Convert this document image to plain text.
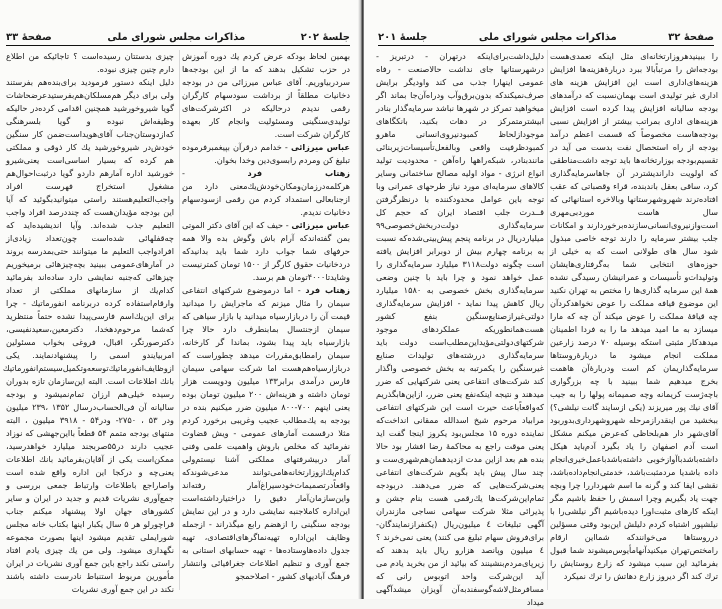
جلسهٔ ۲۰۲
مذاکرات مجلس شورای ملی
صفحهٔ ۳۳

بهمین لحاظ بودکه عرض کردم یك دوره آموزش در حزب تشکیل بدهند که ما از این بودجه‌ها سردربیاوریم. آقای عباس میرزائی من در بودجه دخانیات مطلقاً از برداشت سودسهام کارگران رقمی ندیدم درحالیکه در اکثرشرکت‌های تولیدی‌سنگینی ومسئولیت وانجام کار بعهده کارگران شرکت است.

عباس میرزائی - خدامم درقرآن بپیغمبرفرموده تبلیغ کن ومردم رابسوی‌دین وخدا بخوان.

زهتاب فرد - هرکلمه‌درزمان‌ومکان‌خودش‌یك‌معنی دارد من ازجنابعالی استمداد کردم من رقمی ازسودسهام دخانیات ندیدم.

عباس میرزائی - حیف که این آقای دکتر الموتی بمن گفته‌اندکه آرام باش وگوش بده والا همه حرفهای شما جواب دارد شما باید بدانیدکه دردخانیات حقوق کارگر از ۱۵۰۰ تومان کمترنیست وشایدتا۴۰۰۰تومان هم برسد.

زهتاب فرد - اما درموضوع شرکتهای انتفاعی سیمان را مثال میزنم که ماجرایش را میدانید قیمت آن را دربازارسیاه میدانید یا بازار سیاهی که سیمان ازجنتسال بمابنطرف دارد حالا چرا بازارسیاه باید پیدا بشود، بماندا گر کارخانه، سیمان رامطابق‌مقررات میدهد چطوراست که دربازارسیاه‌هم‌هست اما شرکت سهامی سیمان فارس درآمدی برابر۱۳۳ میلیون ودویست هزار تومان داشته و هزینه‌اش ۲۰۰ میلیون تومان بوده یعنی اینهم ۷۰۰-۸۰۰ میلیون ضرر میکنیم بنده در بودجه به یك‌مطالب عجیب وغریبی برخورد کردم مثلا درقسمت آمارهای عمومی - ویش قضاوت نفرمائید که مخلص باروش واهمیت علمی وفنی آمار دربیشرفتهای مملکتی آشنا نیستم‌ولی کدام‌یك‌ازوزارتخانه‌هامی‌توانند مدعی‌شوندکه واقعاًدرتصمیمات‌خودسیراغ‌آمار رفته‌اند واین‌سازمان‌آمار دقیق را دراختیارداشته‌است این‌اداره کاملاجنبه نمایشی دارد و در این نمایش بودجه سنگینی را ازهضم رابع میگذراند - ازجمله وظایف این‌اداره تهیه‌نماگرهای‌اقتصادی، تهیه جدول داده‌ها‌وستاده‌ها - تهیه حسابهای استانی به جمع آوری و تنظیم اطلاعات جغرافیائی وانتشار فرهنگ آبادیهای کشور - اصلاحمجو

چیزی بدستتان رسیده‌است ؟ تاجائیکه من اطلاع دارم چنین چیزی نبوده.

دلیل اینکه دستور فرمودید برای‌بنده‌هم بفرستند ولی برای دیگر هم‌مسلکان‌هم‌بفرستید‌عرضحاشات گویا شیروخورشید همچنین اقدامی کرده‌در حالیکه وظیفه‌اش نبوده و گویا بلسرهنگی که‌ازدوستان‌جناب آقای‌هویداست‌ضمن کار سنگین خودش‌در شیروخورشید یك کار ذوقی و مملکتی هم کرده که بسیار اساسی‌است یعنی‌شیرو خورشید اداره آمارهم داردو گویا درثبت‌احوال‌هم مشغول استخراج فهرست افراد واجب‌التعلیم‌هستند راستی میتوانیدبگوئید که آیا این بودجه مؤیدان‌هست که چنددرصد افراد واجب التعلیم جذب شده‌اند. وآیا اندیشیده‌اید که چه‌قفلهائی شده‌است چون‌تعداد زیادی‌از افرادواجب التعلیم ما میتوانند حتی‌بمدرسه بروند در آمارهای‌عمومی ببینید بچه‌چیزهائی برمیخوریم چیزهائی که‌جنبه نمایشی دارد ساده‌اند بفرمائید کدام‌یك از سازمانهای مملکتی از تعداد وارقام‌استفاده کرده دربرنامه انفورماتیك - چرا برای این‌یك‌اسم فارسی‌پیدا نشده حتماً منتظرید که‌شما مرحوم‌دهخدا، دکترمعین،سعیدنفیسی، دکترصورتگر، اقبال، فروغی بخواب مسئولین امربیایندو اسمی را پیشنهادنمایند. یکی ازوظایف‌انفورماتیك‌توسعه‌وتکمیل‌سیستم‌انفورماتیك بانك اطلاعات است. البته این‌سازمان تازه بدوران رسیده خیلی‌هم ارزان تمام‌نمیشود و بودجه سالیانه آن فی‌الحساب‌درسال ۱۳۵۲ ،۲۳۹ میلیون ودر ۵۳ ، ۲۷۵۰- ودر۵۴ - ۳۹۱۸ میلیون ، البته منتهای بودجه متمم ۵۴ قطعاً بااین‌جهشی که نوزاد عجیب دارند در۵۵صربجند میلیارد خواهدرسید، ممکن‌است یکی از آقایان‌بفرمائید بانك اطلاعات یعنی‌چه و درکجا این اداره واقع شده است واصاراجع باطلاعات وارتباط جمعی بررسی و جمع‌آوری نشریات قدیم و جدید در ایران و سایر کشورهای جهان اولا پیشنهاد میکنم جناب قراچورلو هر ۵ سال یکبار اینها بکتاب خانه مجلس شورایملی تقدیم میشود اینها بصورت مجموعه نگهداری میشود. ولی من یك چیزی یادم افتاد راستی نکند راجع باین جمع آوری نشریات در ایران مأمورین مربوط استنباط نادرست داشته باشند نکند در این جمع آوری نشریات

صفحهٔ ۳۲
مذاکرات مجلس شورای ملی
جلسهٔ ۲۰۱

را ببینیدهروزارتخانه‌ای مثل اینکه تعمدی‌هست بودجه‌اش را مرتباًبالا ببرد دربارهٔ‌هزینه‌ها افزایش هزینه‌های‌اداری است این افزایش هزینه های اداری غیر تولیدی است بهمان‌نسبت که درآمدهای بودجه سالیانه افزایش پیدا کرده است افزایش هزینه‌های اداری بمراتب بیشتر از افزایش نسبی بودجه‌هاست مخصوصاً که قسمت اعظم درآمد بودجه از راه استحصال نفت بدست می آید در تقسیم‌بودجه بوزارتخانه‌ها باید توجه داشت‌مناطقی که اولویت داراندیشتردر آن جاهاسرمایه‌گذاری کرد، ساقی بعقل باندبنده، قراء وقصباتی که عقب افتاده‌ترند شهروشهرستانها وبالاخره استانهائی که سال هاست موردبی‌مهری است‌وازنیروی‌انسانی‌سازنده‌برخوردارند و امکانات جلب بیشتر سرمایه را دارند توجه خاصی مبذول شود سال های طولانی است که به خیلی از حوزه‌های انتخابی شما به‌گرفتاری‌هایشان وتولیدات‌و تأسیسات و عمرانیشان رسیدگی نشده همهٔ این سرمایه گذاری‌ها را مختص به تهران نکنید این موضوع قیافه مملکت را عوض نخواهدکردآن چه قیافهٔ مملکت را عوض میکند آن چه که مارا میسازد به ما امید میدهد ما را به فردا اطمینان میدهدکار مثبتی استکه بوسیله ۷۰ درصد زارعین مملکت انجام میشود ما دربارهٔ‌روستاها سرمایه‌گذاریمان کم است ودربارهٔ‌آن هاهمت بخرج میدهیم شما ببینید با چه بزرگواری باچه‌ژست کریمانه وچه صمیمانه پولها را به جیب آقای نیك پور میریزند (یکی ازسایند گانت نیلشی؟) ببخشید من اینقدر‌ازمرحله شهروشهرداری‌بدوربود آقای‌شهر دار هم‌بلحاظی که‌عرض میکنم مشکل است آدم اصفهان را یاد بگیرد آدم‌باید هیکل داشته‌باشدباآوازخوبی داشته‌باشدباعمل‌خیری‌انجام داده باشدیا مرد‌مثبت‌باشد، خدمتی‌انجام‌داده‌باشد، نقشی ایفا کند و گرنه ما اسم شهرداررا چرا وبچه جهت یاد بگیریم وچرا اسمش را حفظ باشیم مگر اینکه کارهای مثبت‌اورا دیده‌باشیم اگر نیلشی‌را با نیلشپور اشتباه کردم دلیلش این‌بود وقتی مسؤلین درروستاها می‌خوانندکه شمااین ارقام رامختص‌تهران میکنید‌آنها‌مأیوس‌میشوند شما قبول بفرمائید این سبب میشود که زارع روستایش را ترك کند اگر دیروز زارع دهاتش را ترك نمیکرد

دلیل‌داشت‌برای‌اینکه درتهران - درتبریز - درشهرستانها جای نداشت حالاصنعت - رفاه عمومی اینهارا جذب می کند واودیگر برایش صرف‌نمیکندکه بدون‌برق‌وآب ودراه‌آن‌جا بماند اگر میخواهید تمرکز در شهرها نباشد سرمایه‌گذار بنادر ابیشترمتمرکز در دهات بکنید، بانکگاهای موجودازلحاظ کمبودنیروی‌انسانی ماهرو کمبود‌ظرفیت واقعی وبالفعل‌تأسیسات‌زیربنائی مانندبنادر، شبکه‌راهها راه‌آهن - محدودیت تولید انواع انرژی - مواد اولیه مصالح ساختمانی وسایر کالاهای سرمایه‌ای مورد نیاز طرحهای عمرانی وبا توجه باین عوامل محدودکننده با درنظرگرفتن قــدرت جلب اقتصاد ایران که حجم کل سرمایه‌گذاری دولت‌دربخش‌خصوصی۹۹ میلیارد‌ریال در برنامه پنجم پیش‌بینی‌شده‌که نسبت به برنامه چهارم بیش از دوبرابر افزایش یافته است چگونه دولت۳۱۱۸ میلیارد سرمایه‌گذاری را عمل خواهد نمود و چرا باید با چنین وضعی سرمایه‌گذاری بخش خصوصی به ۱۵۸۰ میلیارد ریال کاهش پیدا نماید - افزایش سرمایه‌گذاری دولتی‌غیرازصنایع‌سنگین بنفع کشور هست‌همانطوریکه عملکردهای موجود شرکتهای‌دولتی‌مؤیداین‌مطلب‌است دولت باید سرمایه‌گذاری دررشته‌های تولیدات صنایع غیرسنگین را یکمرتبه به بخش خصوصی واگذار کند شرکت‌های انتفاعی یعنی شرکتهایی که ضرر میدهند و نتیجه اینکه‌نفع یعنی ضرر، ازاین‌هابگذریم که‌واقعاًباعث حیرت است این شرکتهای انتفاعی مرابیاد مرحوم شیخ اسدالله ممقانی انداخت‌که نماینده دوره ۱۵ مجلس‌بود یکروز اینجا گفت اید یعنی موقت راجع به محاکمهٔ رضا افشار بود حالا بنده هم بعد ازاین مدت ازدیدهمان‌هم‌شهری‌ست و چند سال پیش باید بگویم شرکت‌های انتفاعی یعنی‌شرکت‌هایی که ضرر می‌دهند. دربودجه تمام‌این‌شرکت‌ها یك‌رقمی هست بنام جشن و پذیرائی مثلا شرکت سهامی نساجی مازندران آگهی تبلیغات ٤ میلیون‌ریال (یکنفر‌ازنمایندگان- برای‌فروش سهام تبلیغ می کنند) یعنی نمی‌خرند ؟ ٤ میلیون وپانصد هزارو ریال باید بدهند که زیرپای‌مردم‌بنشینند که بیائید از من بخرید یادم می آید این‌شرکت واحد اتوبوس رانی که مسافر‌مثل‌لاشه‌گوسفندبه‌آن آویزان میشدآگهی میداد
